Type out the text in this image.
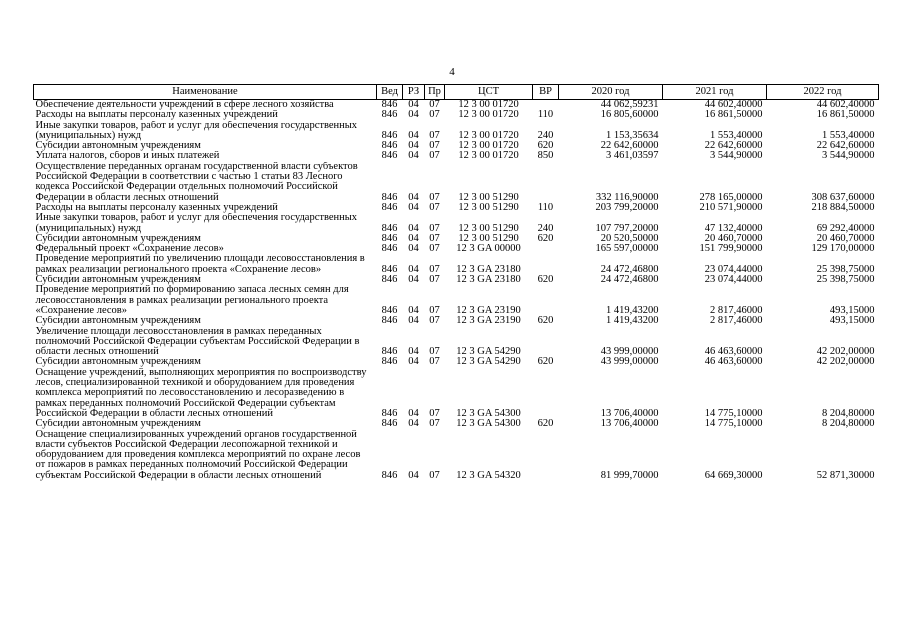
4
Наименование	Вед	РЗ	Пр	ЦСТ	ВР	2020 год	2021 год	2022 год
Обеспечение деятельности учреждений в сфере лесного хозяйства	846	04	07	12 3 00 01720		44 062,59231	44 602,40000	44 602,40000
Расходы на выплаты персоналу казенных учреждений	846	04	07	12 3 00 01720	110	16 805,60000	16 861,50000	16 861,50000
Иные закупки товаров, работ и услуг для обеспечения государственных (муниципальных) нужд	846	04	07	12 3 00 01720	240	1 153,35634	1 553,40000	1 553,40000
Субсидии автономным учреждениям	846	04	07	12 3 00 01720	620	22 642,60000	22 642,60000	22 642,60000
Уплата налогов, сборов и иных платежей	846	04	07	12 3 00 01720	850	3 461,03597	3 544,90000	3 544,90000
Осуществление переданных органам государственной власти субъектов Российской Федерации в соответствии с частью 1 статьи 83 Лесного кодекса Российской Федерации отдельных полномочий Российской Федерации в области лесных отношений	846	04	07	12 3 00 51290		332 116,90000	278 165,00000	308 637,60000
Расходы на выплаты персоналу казенных учреждений	846	04	07	12 3 00 51290	110	203 799,20000	210 571,90000	218 884,50000
Иные закупки товаров, работ и услуг для обеспечения государственных (муниципальных) нужд	846	04	07	12 3 00 51290	240	107 797,20000	47 132,40000	69 292,40000
Субсидии автономным учреждениям	846	04	07	12 3 00 51290	620	20 520,50000	20 460,70000	20 460,70000
Федеральный проект «Сохранение лесов»	846	04	07	12 3 GA 00000		165 597,00000	151 799,90000	129 170,00000
Проведение мероприятий по увеличению площади лесовосстановления в рамках реализации регионального проекта «Сохранение лесов»	846	04	07	12 3 GA 23180		24 472,46800	23 074,44000	25 398,75000
Субсидии автономным учреждениям	846	04	07	12 3 GA 23180	620	24 472,46800	23 074,44000	25 398,75000
Проведение мероприятий по формированию запаса лесных семян для лесовосстановления в рамках реализации регионального проекта «Сохранение лесов»	846	04	07	12 3 GA 23190		1 419,43200	2 817,46000	493,15000
Субсидии автономным учреждениям	846	04	07	12 3 GA 23190	620	1 419,43200	2 817,46000	493,15000
Увеличение площади лесовосстановления в рамках переданных полномочий Российской Федерации субъектам Российской Федерации в области лесных отношений	846	04	07	12 3 GA 54290		43 999,00000	46 463,60000	42 202,00000
Субсидии автономным учреждениям	846	04	07	12 3 GA 54290	620	43 999,00000	46 463,60000	42 202,00000
Оснащение учреждений, выполняющих мероприятия по воспроизводству лесов, специализированной техникой и оборудованием для проведения комплекса мероприятий по лесовосстановлению и лесоразведению в рамках переданных полномочий Российской Федерации субъектам Российской Федерации в области лесных отношений	846	04	07	12 3 GA 54300		13 706,40000	14 775,10000	8 204,80000
Субсидии автономным учреждениям	846	04	07	12 3 GA 54300	620	13 706,40000	14 775,10000	8 204,80000
Оснащение специализированных учреждений органов государственной власти субъектов Российской Федерации лесопожарной техникой и оборудованием для проведения комплекса мероприятий по охране лесов от пожаров в рамках переданных полномочий Российской Федерации субъектам Российской Федерации в области лесных отношений	846	04	07	12 3 GA 54320		81 999,70000	64 669,30000	52 871,30000
